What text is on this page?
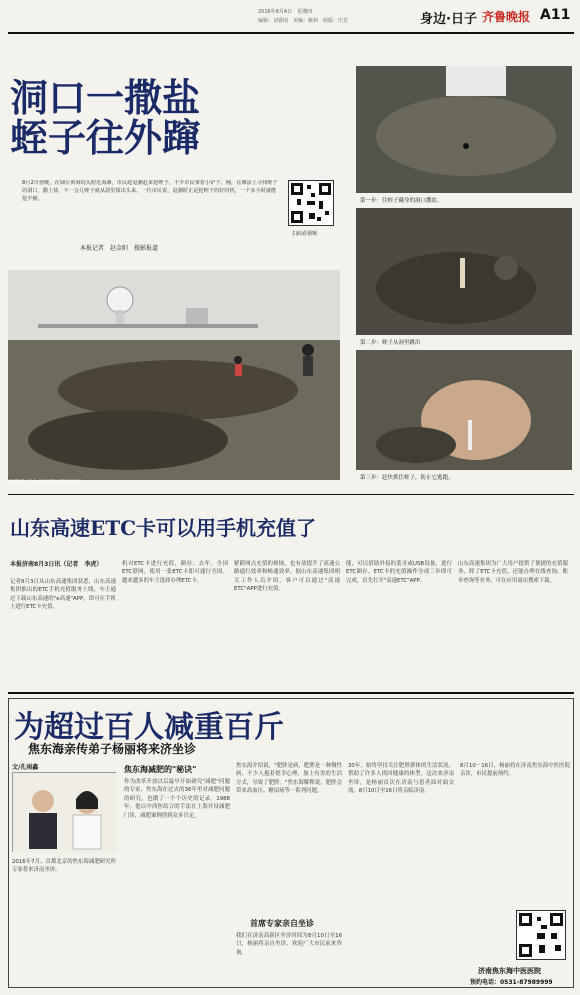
2016年8月4日　星期四
编辑：刘睿囡　美编：姚莉　组版：庆芳	身边·日子 齐鲁晚报 A11
洞口一撒盐
蛭子往外蹿
8月2日傍晚，在烟台黄海码头附近海滩，市民趁退潮赶来挖蛭子。不少市民拿着小铲子、桶，在滩涂上寻找蛭子的洞口，撒上盐，不一会儿蛭子就从洞里探出头来。一位市民说，退潮时正是挖蛭子的好时机，一个多小时就能挖半桶。
本报记者　赵金阳　摄影报道
扫码看视频
退潮后,不少市民到沙滩挖蛭子
第一步：往蛭子藏身的洞口撒盐。
第二步：蛭子从洞里跳出
第三步：赶快抓住蛭子，防止它逃跑。
山东高速ETC卡可以用手机充值了
本报济南8月3日讯（记者　李虎）
记者8月3日从山东高速集团获悉，山东高速集团推出的ETC手机充值服务上线，车主通过下载山东高速的"e高速"APP，即可在手机上进行ETC卡充值。
机对ETC卡进行充值，圈存。去年，全国ETC联网，使用一张ETC卡即可通行全国。越来越多的车主选择办理ETC卡。
紧跨网点充值的烦恼，也有效提升了高速公路通行效率和畅通效率。据山东高速集团相关工作人员介绍，客户可以通过"高速ETC"APP进行充值。
能，可以借助外接的蓝牙或USB设备，进行ETC圈存。ETC卡的充值操作分成三步即可完成，首先打开"高速ETC"APP。
山东高速集团为广大用户提供了便捷的充值服务，除了ETC卡充值，还能办理在线查询、账单查询等业务，可在应用商店搜索下载。
为超过百人减重百斤
焦东海亲传弟子杨丽将来济坐诊
文/孔雨鑫
2016年7月，首都北京的焦东海减肥研究所专家将来济南坐诊。
焦东海减肥的"秘诀"
作为改革开放以后最早开始研究"减肥"问题的专家，焦东海在过去的36年里对减肥问题的研究，也做了一个个历史的记录。1988年，他以中西医结合的手法在上海开设减肥门诊，减肥案例得到众多肯定。
焦东海介绍说，"肥胖是病，肥胖是一种慢性病，不少人抱着侥幸心理，加上有害的生活方式，导致了肥胖。"焦东海解释说，肥胖会带来高血压、糖尿病等一系列问题。
首席专家亲自坐诊
我们在济南高新区坐诊时间为8月10日至16日，杨丽将亲自坐诊，欢迎广大市民前来咨询。
30年，始终坚持关注肥胖群体的生活状况，帮助了许多人找回健康的体型。这次来济南坐诊，是杨丽首次在济南与患者面对面交流。8月10日至16日将亲临济南。
8月10－16日，杨丽将在济南焦东海中医医院亲诊，市民提前预约。
济南焦东海中医医院
预约电话：0531-87989999
